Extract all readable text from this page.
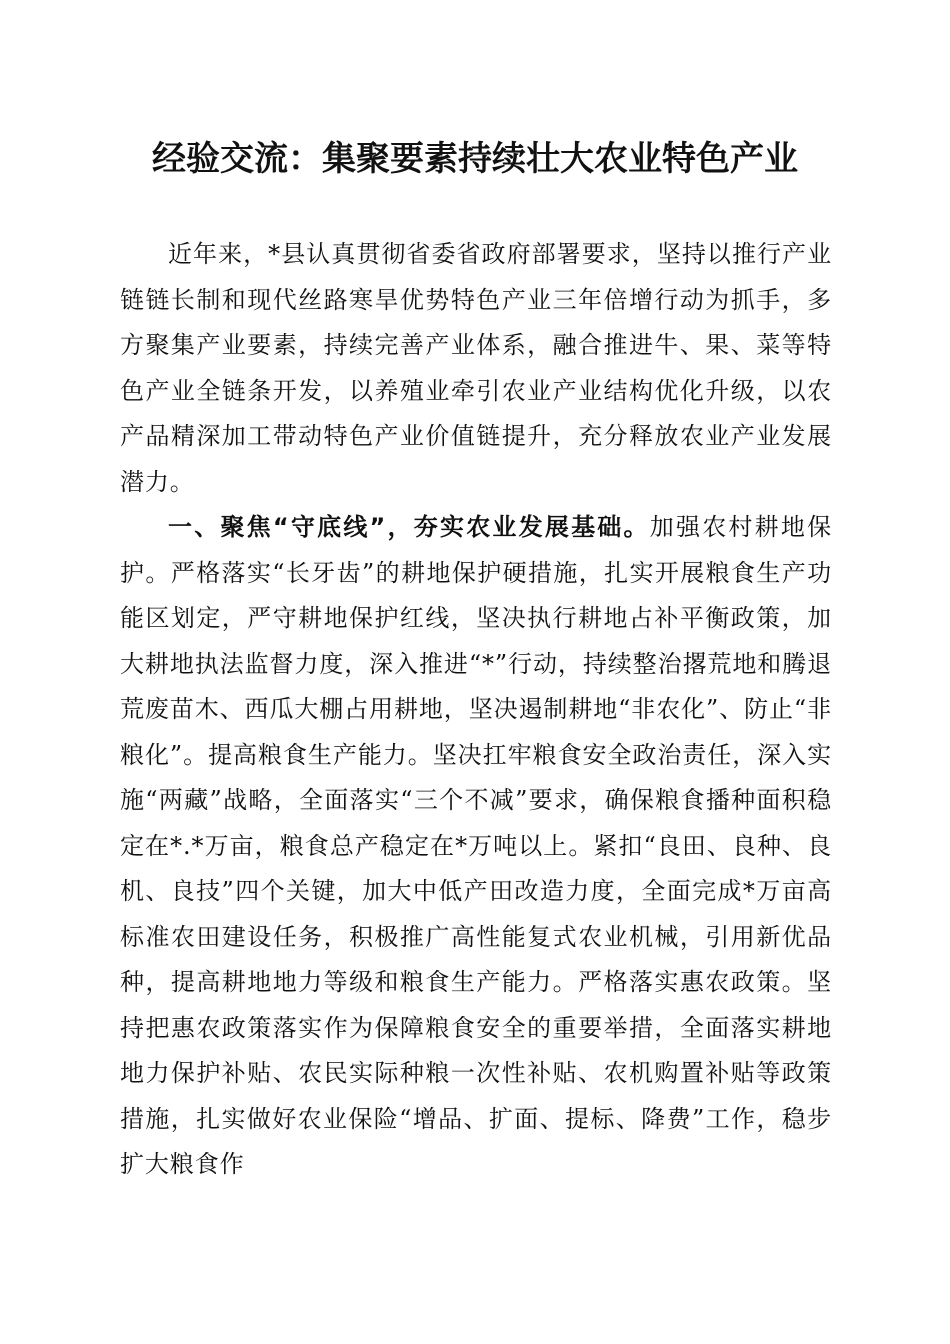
经验交流：集聚要素持续壮大农业特色产业

近年来，*县认真贯彻省委省政府部署要求，坚持以推行产业链链长制和现代丝路寒旱优势特色产业三年倍增行动为抓手，多方聚集产业要素，持续完善产业体系，融合推进牛、果、菜等特色产业全链条开发，以养殖业牵引农业产业结构优化升级，以农产品精深加工带动特色产业价值链提升，充分释放农业产业发展潜力。

一、聚焦“守底线”，夯实农业发展基础。加强农村耕地保护。严格落实“长牙齿”的耕地保护硬措施，扎实开展粮食生产功能区划定，严守耕地保护红线，坚决执行耕地占补平衡政策，加大耕地执法监督力度，深入推进“*”行动，持续整治撂荒地和腾退荒废苗木、西瓜大棚占用耕地，坚决遏制耕地“非农化”、防止“非粮化”。提高粮食生产能力。坚决扛牢粮食安全政治责任，深入实施“两藏”战略，全面落实“三个不减”要求，确保粮食播种面积稳定在*.*万亩，粮食总产稳定在*万吨以上。紧扣“良田、良种、良机、良技”四个关键，加大中低产田改造力度，全面完成*万亩高标准农田建设任务，积极推广高性能复式农业机械，引用新优品种，提高耕地地力等级和粮食生产能力。严格落实惠农政策。坚持把惠农政策落实作为保障粮食安全的重要举措，全面落实耕地地力保护补贴、农民实际种粮一次性补贴、农机购置补贴等政策措施，扎实做好农业保险“增品、扩面、提标、降费”工作，稳步扩大粮食作
